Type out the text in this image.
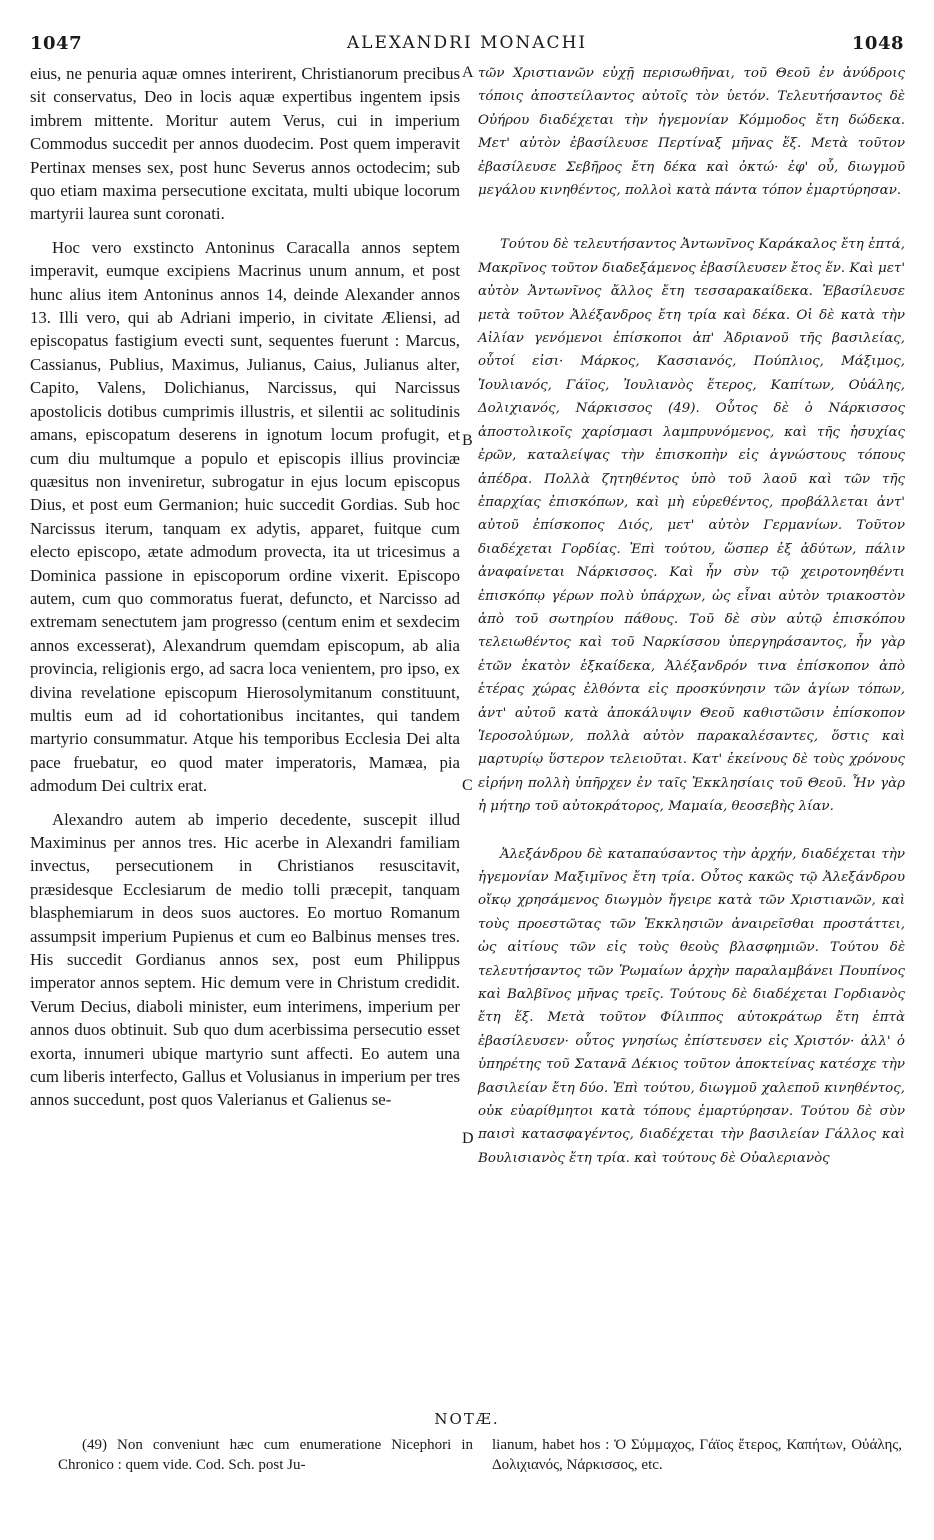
1047	ALEXANDRI MONACHI	1048

eius, ne penuria aquæ omnes interirent, Christianorum precibus sit conservatus, Deo in locis aquæ expertibus ingentem ipsis imbrem mittente. Moritur autem Verus, cui in imperium Commodus succedit per annos duodecim. Post quem imperavit Pertinax menses sex, post hunc Severus annos octodecim; sub quo etiam maxima persecutione excitata, multi ubique locorum martyrii laurea sunt coronati.

Hoc vero exstincto Antoninus Caracalla annos septem imperavit, eumque excipiens Macrinus unum annum, et post hunc alius item Antoninus annos 14, deinde Alexander annos 13. Illi vero, qui ab Adriani imperio, in civitate Æliensi, ad episcopatus fastigium evecti sunt, sequentes fuerunt : Marcus, Cassianus, Publius, Maximus, Julianus, Caius, Julianus alter, Capito, Valens, Dolichianus, Narcissus, qui Narcissus apostolicis dotibus cumprimis illustris, et silentii ac solitudinis amans, episcopatum deserens in ignotum locum profugit, et cum diu multumque a populo et episcopis illius provinciæ quæsitus non inveniretur, subrogatur in ejus locum episcopus Dius, et post eum Germanion; huic succedit Gordias. Sub hoc Narcissus iterum, tanquam ex adytis, apparet, fuitque cum electo episcopo, ætate admodum provecta, ita ut tricesimus a Dominica passione in episcoporum ordine vixerit. Episcopo autem, cum quo commoratus fuerat, defuncto, et Narcisso ad extremam senectutem jam progresso (centum enim et sexdecim annos excesserat), Alexandrum quemdam episcopum, ab alia provincia, religionis ergo, ad sacra loca venientem, pro ipso, ex divina revelatione episcopum Hierosolymitanum constituunt, multis eum ad id cohortationibus incitantes, qui tandem martyrio consummatur. Atque his temporibus Ecclesia Dei alta pace fruebatur, eo quod mater imperatoris, Mamæa, pia admodum Dei cultrix erat.

Alexandro autem ab imperio decedente, suscepit illud Maximinus per annos tres. Hic acerbe in Alexandri familiam invectus, persecutionem in Christianos resuscitavit, præsidesque Ecclesiarum de medio tolli præcepit, tanquam blasphemiarum in deos suos auctores. Eo mortuo Romanum assumpsit imperium Pupienus et cum eo Balbinus menses tres. His succedit Gordianus annos sex, post eum Philippus imperator annos septem. Hic demum vere in Christum credidit. Verum Decius, diaboli minister, eum interimens, imperium per annos duos obtinuit. Sub quo dum acerbissima persecutio esset exorta, innumeri ubique martyrio sunt affecti. Eo autem una cum liberis interfecto, Gallus et Volusianus in imperium per tres annos succedunt, post quos Valerianus et Galienus se-

A
B
C
D

τῶν Χριστιανῶν εὐχῇ περισωθῆναι, τοῦ Θεοῦ ἐν ἀνύδροις τόποις ἀποστείλαντος αὐτοῖς τὸν ὑετόν. Τελευτήσαντος δὲ Οὐήρου διαδέχεται τὴν ἡγεμονίαν Κόμμοδος ἔτη δώδεκα. Μετ' αὐτὸν ἐβασίλευσε Περτίναξ μῆνας ἕξ. Μετὰ τοῦτον ἐβασίλευσε Σεβῆρος ἔτη δέκα καὶ ὀκτώ· ἐφ' οὗ, διωγμοῦ μεγάλου κινηθέντος, πολλοὶ κατὰ πάντα τόπον ἐμαρτύρησαν.

Τούτου δὲ τελευτήσαντος Ἀντωνῖνος Καράκαλος ἔτη ἑπτά, Μακρῖνος τοῦτον διαδεξάμενος ἐβασίλευσεν ἔτος ἕν. Καὶ μετ' αὐτὸν Ἀντωνῖνος ἄλλος ἔτη τεσσαρακαίδεκα. Ἐβασίλευσε μετὰ τοῦτον Ἀλέξανδρος ἔτη τρία καὶ δέκα. Οἱ δὲ κατὰ τὴν Αἰλίαν γενόμενοι ἐπίσκοποι ἀπ' Ἀδριανοῦ τῆς βασιλείας, οὗτοί εἰσι· Μάρκος, Κασσιανός, Πούπλιος, Μάξιμος, Ἰουλιανός, Γάϊος, Ἰουλιανὸς ἕτερος, Καπίτων, Οὐάλης, Δολιχιανός, Νάρκισσος (49). Οὗτος δὲ ὁ Νάρκισσος ἀποστολικοῖς χαρίσμασι λαμπρυνόμενος, καὶ τῆς ἡσυχίας ἐρῶν, καταλείψας τὴν ἐπισκοπὴν εἰς ἀγνώστους τόπους ἀπέδρα. Πολλὰ ζητηθέντος ὑπὸ τοῦ λαοῦ καὶ τῶν τῆς ἐπαρχίας ἐπισκόπων, καὶ μὴ εὑρεθέντος, προβάλλεται ἀντ' αὐτοῦ ἐπίσκοπος Διός, μετ' αὐτὸν Γερμανίων. Τοῦτον διαδέχεται Γορδίας. Ἐπὶ τούτου, ὥσπερ ἐξ ἀδύτων, πάλιν ἀναφαίνεται Νάρκισσος. Καὶ ἦν σὺν τῷ χειροτονηθέντι ἐπισκόπῳ γέρων πολὺ ὑπάρχων, ὡς εἶναι αὐτὸν τριακοστὸν ἀπὸ τοῦ σωτηρίου πάθους. Τοῦ δὲ σὺν αὐτῷ ἐπισκόπου τελειωθέντος καὶ τοῦ Ναρκίσσου ὑπεργηράσαντος, ἦν γὰρ ἐτῶν ἑκατὸν ἑξκαίδεκα, Ἀλέξανδρόν τινα ἐπίσκοπον ἀπὸ ἑτέρας χώρας ἐλθόντα εἰς προσκύνησιν τῶν ἁγίων τόπων, ἀντ' αὐτοῦ κατὰ ἀποκάλυψιν Θεοῦ καθιστῶσιν ἐπίσκοπον Ἱεροσολύμων, πολλὰ αὐτὸν παρακαλέσαντες, ὅστις καὶ μαρτυρίῳ ὕστερον τελειοῦται. Κατ' ἐκείνους δὲ τοὺς χρόνους εἰρήνη πολλὴ ὑπῆρχεν ἐν ταῖς Ἐκκλησίαις τοῦ Θεοῦ. Ἦν γὰρ ἡ μήτηρ τοῦ αὐτοκράτορος, Μαμαία, θεοσεβὴς λίαν.

Ἀλεξάνδρου δὲ καταπαύσαντος τὴν ἀρχήν, διαδέχεται τὴν ἡγεμονίαν Μαξιμῖνος ἔτη τρία. Οὗτος κακῶς τῷ Ἀλεξάνδρου οἴκῳ χρησάμενος διωγμὸν ἤγειρε κατὰ τῶν Χριστιανῶν, καὶ τοὺς προεστῶτας τῶν Ἐκκλησιῶν ἀναιρεῖσθαι προστάττει, ὡς αἰτίους τῶν εἰς τοὺς θεοὺς βλασφημιῶν. Τούτου δὲ τελευτήσαντος τῶν Ῥωμαίων ἀρχὴν παραλαμβάνει Πουπίνος καὶ Βαλβῖνος μῆνας τρεῖς. Τούτους δὲ διαδέχεται Γορδιανὸς ἔτη ἕξ. Μετὰ τοῦτον Φίλιππος αὐτοκράτωρ ἔτη ἑπτὰ ἐβασίλευσεν· οὗτος γνησίως ἐπίστευσεν εἰς Χριστόν· ἀλλ' ὁ ὑπηρέτης τοῦ Σατανᾶ Δέκιος τοῦτον ἀποκτείνας κατέσχε τὴν βασιλείαν ἔτη δύο. Ἐπὶ τούτου, διωγμοῦ χαλεποῦ κινηθέντος, οὐκ εὐαρίθμητοι κατὰ τόπους ἐμαρτύρησαν. Τούτου δὲ σὺν παισὶ κατασφαγέντος, διαδέχεται τὴν βασιλείαν Γάλλος καὶ Βουλισιανὸς ἔτη τρία. καὶ τούτους δὲ Οὐαλεριανὸς

NOTÆ.
(49) Non conveniunt hæc cum enumeratione Nicephori in Chronico : quem vide. Cod. Sch. post Ju-
lianum, habet hos : Ὁ Σύμμαχος, Γάϊος ἕτερος, Καπήτων, Οὐάλης, Δολιχιανός, Νάρκισσος, etc.
